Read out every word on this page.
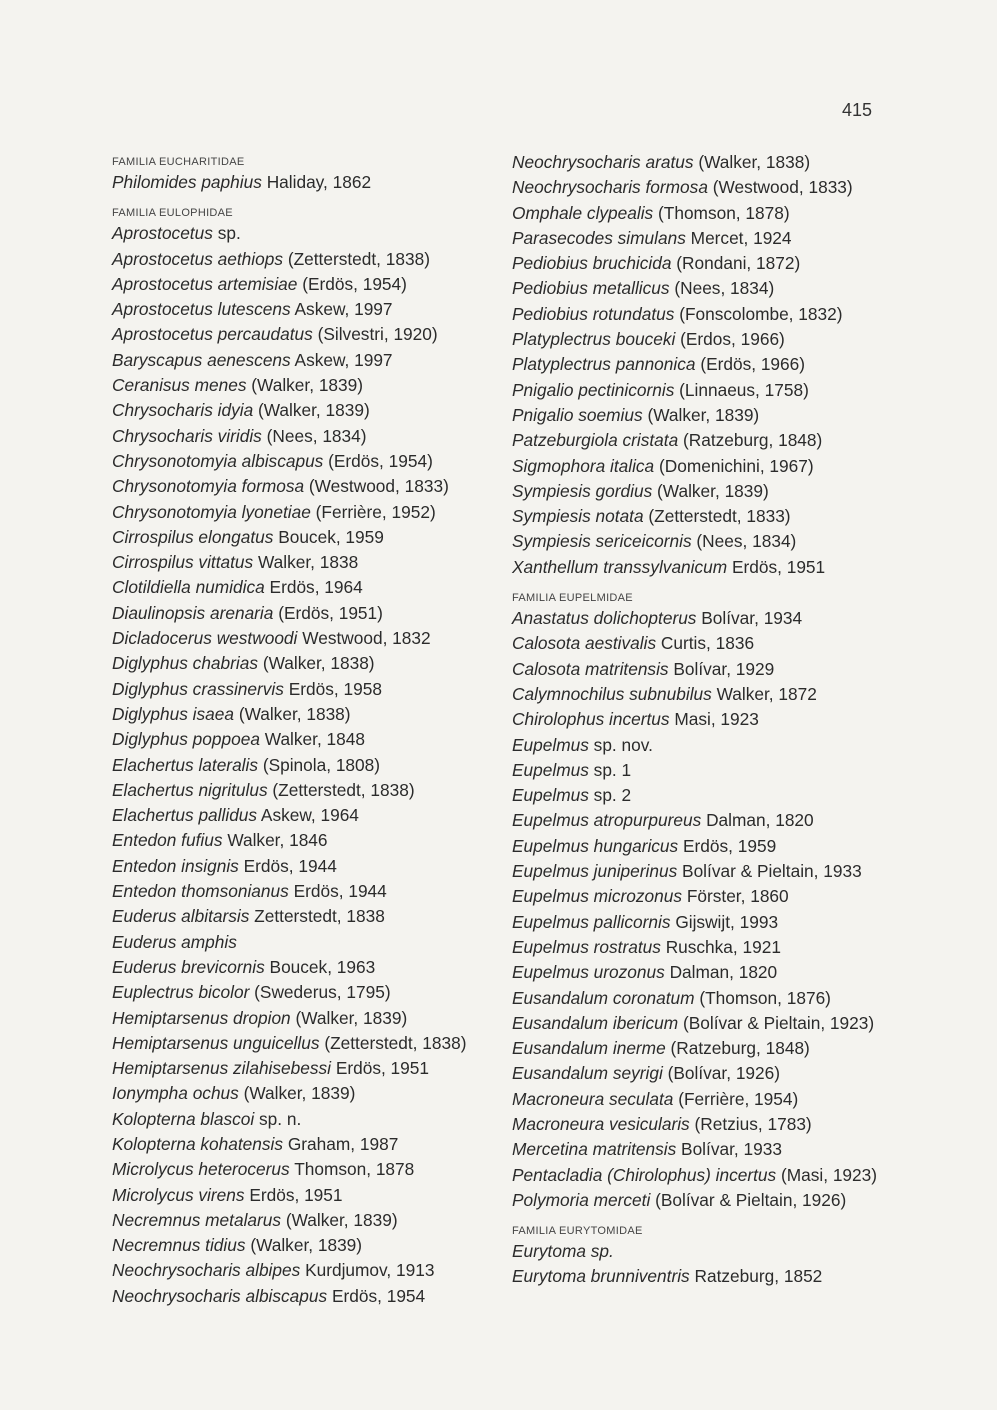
415
FAMILIA EUCHARITIDAE
Philomides paphius Haliday, 1862
FAMILIA EULOPHIDAE
Aprostocetus sp.
Aprostocetus aethiops (Zetterstedt, 1838)
Aprostocetus artemisiae (Erdös, 1954)
Aprostocetus lutescens Askew, 1997
Aprostocetus percaudatus (Silvestri, 1920)
Baryscapus aenescens Askew, 1997
Ceranisus menes (Walker, 1839)
Chrysocharis idyia (Walker, 1839)
Chrysocharis viridis (Nees, 1834)
Chrysonotomyia albiscapus (Erdös, 1954)
Chrysonotomyia formosa (Westwood, 1833)
Chrysonotomyia lyonetiae (Ferrière, 1952)
Cirrospilus elongatus Boucek, 1959
Cirrospilus vittatus Walker, 1838
Clotildiella numidica Erdös, 1964
Diaulinopsis arenaria (Erdös, 1951)
Dicladocerus westwoodi Westwood, 1832
Diglyphus chabrias (Walker, 1838)
Diglyphus crassinervis Erdös, 1958
Diglyphus isaea (Walker, 1838)
Diglyphus poppoea Walker, 1848
Elachertus lateralis (Spinola, 1808)
Elachertus nigritulus (Zetterstedt, 1838)
Elachertus pallidus Askew, 1964
Entedon fufius Walker, 1846
Entedon insignis Erdös, 1944
Entedon thomsonianus Erdös, 1944
Euderus albitarsis Zetterstedt, 1838
Euderus amphis
Euderus brevicornis Boucek, 1963
Euplectrus bicolor (Swederus, 1795)
Hemiptarsenus dropion (Walker, 1839)
Hemiptarsenus unguicellus (Zetterstedt, 1838)
Hemiptarsenus zilahisebessi Erdös, 1951
Ionympha ochus (Walker, 1839)
Kolopterna blascoi sp. n.
Kolopterna kohatensis Graham, 1987
Microlycus heterocerus Thomson, 1878
Microlycus virens Erdös, 1951
Necremnus metalarus (Walker, 1839)
Necremnus tidius (Walker, 1839)
Neochrysocharis albipes Kurdjumov, 1913
Neochrysocharis albiscapus Erdös, 1954
Neochrysocharis aratus (Walker, 1838)
Neochrysocharis formosa (Westwood, 1833)
Omphale clypealis (Thomson, 1878)
Parasecodes simulans Mercet, 1924
Pediobius bruchicida (Rondani, 1872)
Pediobius metallicus (Nees, 1834)
Pediobius rotundatus (Fonscolombe, 1832)
Platyplectrus bouceki (Erdos, 1966)
Platyplectrus pannonica (Erdös, 1966)
Pnigalio pectinicornis (Linnaeus, 1758)
Pnigalio soemius (Walker, 1839)
Patzeburgiola cristata (Ratzeburg, 1848)
Sigmophora italica (Domenichini, 1967)
Sympiesis gordius (Walker, 1839)
Sympiesis notata (Zetterstedt, 1833)
Sympiesis sericeicornis (Nees, 1834)
Xanthellum transsylvanicum Erdös, 1951
FAMILIA EUPELMIDAE
Anastatus dolichopterus Bolívar, 1934
Calosota aestivalis Curtis, 1836
Calosota matritensis Bolívar, 1929
Calymnochilus subnubilus Walker, 1872
Chirolophus incertus Masi, 1923
Eupelmus sp. nov.
Eupelmus sp. 1
Eupelmus sp. 2
Eupelmus atropurpureus Dalman, 1820
Eupelmus hungaricus Erdös, 1959
Eupelmus juniperinus Bolívar & Pieltain, 1933
Eupelmus microzonus Förster, 1860
Eupelmus pallicornis Gijswijt, 1993
Eupelmus rostratus Ruschka, 1921
Eupelmus urozonus Dalman, 1820
Eusandalum coronatum (Thomson, 1876)
Eusandalum ibericum (Bolívar & Pieltain, 1923)
Eusandalum inerme (Ratzeburg, 1848)
Eusandalum seyrigi (Bolívar, 1926)
Macroneura seculata (Ferrière, 1954)
Macroneura vesicularis (Retzius, 1783)
Mercetina matritensis Bolívar, 1933
Pentacladia (Chirolophus) incertus (Masi, 1923)
Polymoria merceti (Bolívar & Pieltain, 1926)
FAMILIA EURYTOMIDAE
Eurytoma sp.
Eurytoma brunniventris Ratzeburg, 1852
